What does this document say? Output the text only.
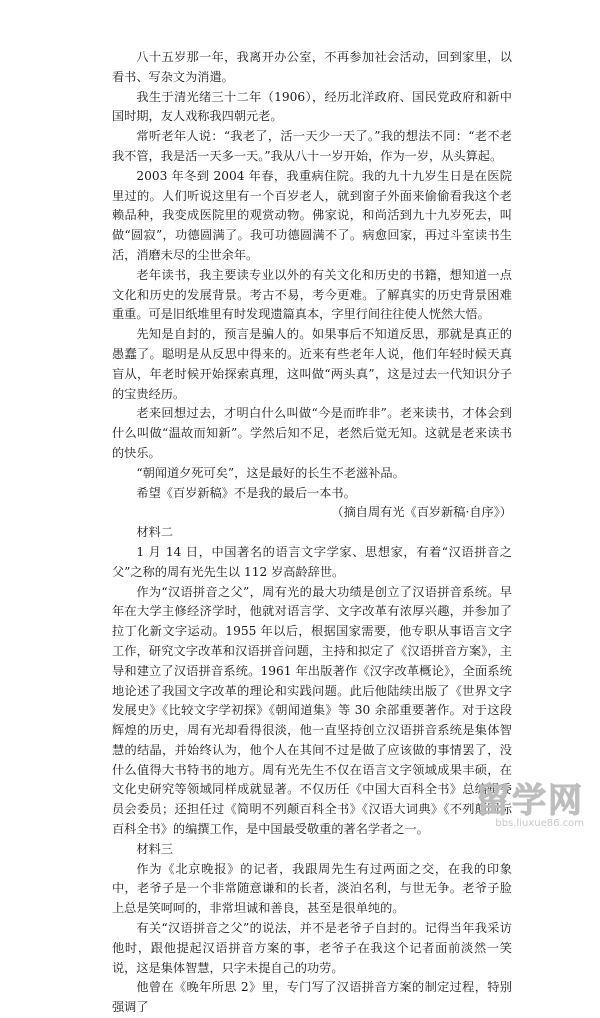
八十五岁那一年，我离开办公室，不再参加社会活动，回到家里，以看书、写杂文为消遣。

我生于清光绪三十二年（1906），经历北洋政府、国民党政府和新中国时期，友人戏称我四朝元老。

常听老年人说：“我老了，活一天少一天了。”我的想法不同：“老不老我不管，我是活一天多一天。”我从八十一岁开始，作为一岁，从头算起。

2003 年冬到 2004 年春，我重病住院。我的九十九岁生日是在医院里过的。人们听说这里有一个百岁老人，就到窗子外面来偷偷看我这个老赖品种，我变成医院里的观赏动物。佛家说，和尚活到九十九岁死去，叫做“圆寂”，功德圆满了。我可功德圆满不了。病愈回家，再过斗室读书生活，消磨未尽的尘世余年。

老年读书，我主要读专业以外的有关文化和历史的书籍，想知道一点文化和历史的发展背景。考古不易，考今更难。了解真实的历史背景困难重重。可是旧纸堆里有时发现遗篇真本，字里行间往往使人恍然大悟。

先知是自封的，预言是骗人的。如果事后不知道反思，那就是真正的愚蠢了。聪明是从反思中得来的。近来有些老年人说，他们年轻时候天真盲从，年老时候开始探索真理，这叫做“两头真”，这是过去一代知识分子的宝贵经历。

老来回想过去，才明白什么叫做“今是而昨非”。老来读书，才体会到什么叫做“温故而知新”。学然后知不足，老然后觉无知。这就是老来读书的快乐。

“朝闻道夕死可矣”，这是最好的长生不老滋补品。

希望《百岁新稿》不是我的最后一本书。

（摘自周有光《百岁新稿·自序》）

材料二

1 月 14 日，中国著名的语言文字学家、思想家，有着“汉语拼音之父”之称的周有光先生以 112 岁高龄辞世。

作为“汉语拼音之父”，周有光的最大功绩是创立了汉语拼音系统。早年在大学主修经济学时，他就对语言学、文字改革有浓厚兴趣，并参加了拉丁化新文字运动。1955 年以后，根据国家需要，他专职从事语言文字工作，研究文字改革和汉语拼音问题，主持和拟定了《汉语拼音方案》，主导和建立了汉语拼音系统。1961 年出版著作《汉字改革概论》，全面系统地论述了我国文字改革的理论和实践问题。此后他陆续出版了《世界文字发展史》《比较文字学初探》《朝闻道集》等 30 余部重要著作。对于这段辉煌的历史，周有光却看得很淡，他一直坚持创立汉语拼音系统是集体智慧的结晶，并始终认为，他个人在其间不过是做了应该做的事情罢了，没什么值得大书特书的地方。周有光先生不仅在语言文字领域成果丰硕，在文化史研究等领域同样成就显著。不仅历任《中国大百科全书》总编辑委员会委员；还担任过《简明不列颠百科全书》《汉语大词典》《不列颠国际百科全书》的编撰工作，是中国最受敬重的著名学者之一。

材料三

作为《北京晚报》的记者，我跟周先生有过两面之交，在我的印象中，老爷子是一个非常随意谦和的长者，淡泊名利，与世无争。老爷子脸上总是笑呵呵的，非常坦诚和善良，甚至是很单纯的。

有关“汉语拼音之父”的说法，并不是老爷子自封的。记得当年我采访他时，跟他提起汉语拼音方案的事，老爷子在我这个记者面前淡然一笑说，这是集体智慧，只字未提自己的功劳。

他曾在《晚年所思 2》里，专门写了汉语拼音方案的制定过程，特别强调了

留学网
bbs.liuxue86.com
